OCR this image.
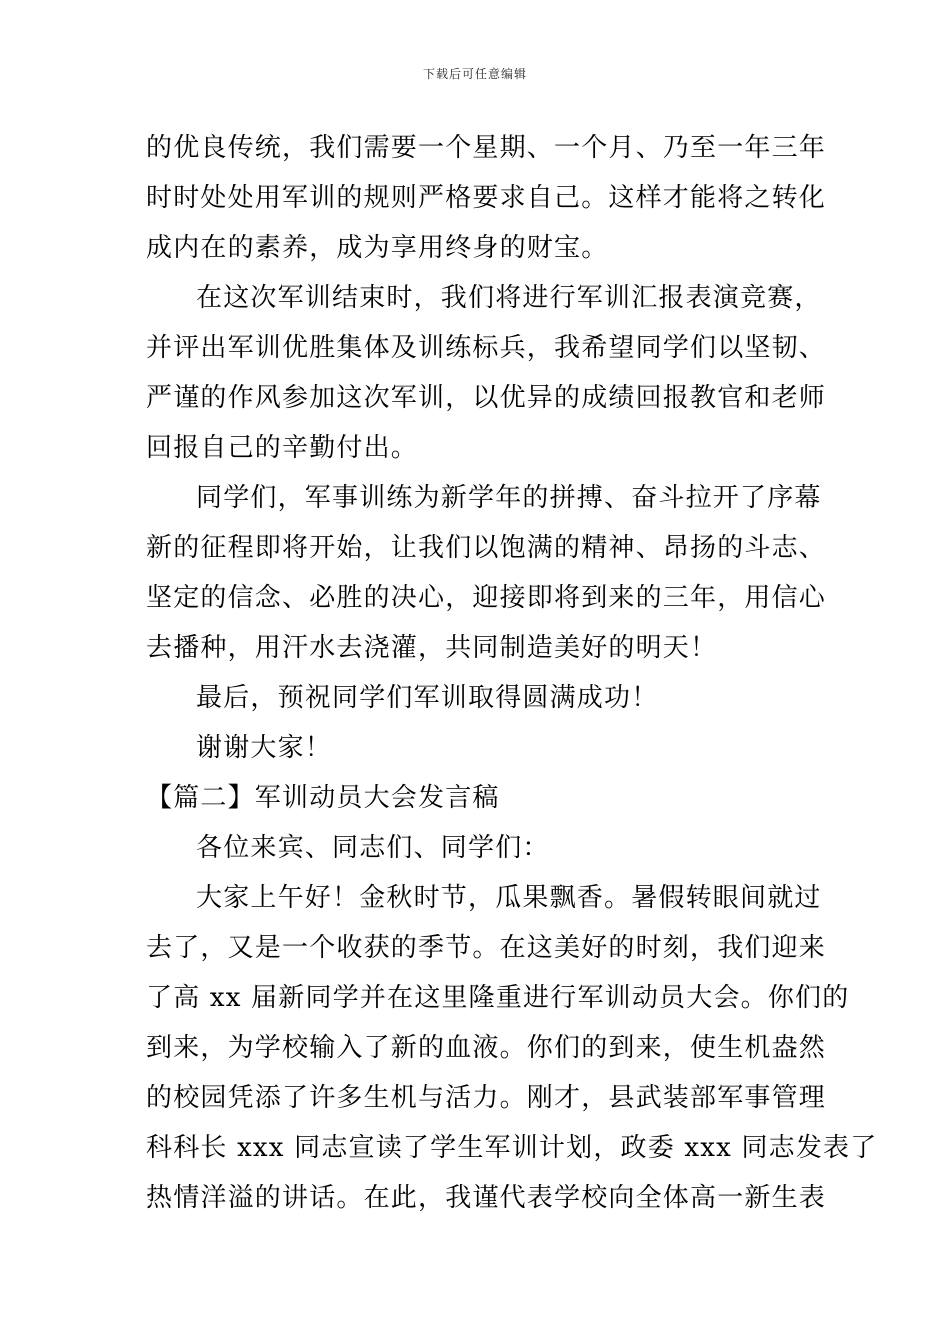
下载后可任意编辑
的优良传统，我们需要一个星期、一个月、乃至一年三年
时时处处用军训的规则严格要求自己。这样才能将之转化
成内在的素养，成为享用终身的财宝。
在这次军训结束时，我们将进行军训汇报表演竞赛，
并评出军训优胜集体及训练标兵，我希望同学们以坚韧、
严谨的作风参加这次军训，以优异的成绩回报教官和老师
回报自己的辛勤付出。
同学们，军事训练为新学年的拼搏、奋斗拉开了序幕
新的征程即将开始，让我们以饱满的精神、昂扬的斗志、
坚定的信念、必胜的决心，迎接即将到来的三年，用信心
去播种，用汗水去浇灌，共同制造美好的明天！
最后，预祝同学们军训取得圆满成功！
谢谢大家！
【篇二】军训动员大会发言稿
各位来宾、同志们、同学们：
大家上午好！金秋时节，瓜果飘香。暑假转眼间就过
去了，又是一个收获的季节。在这美好的时刻，我们迎来
了高 xx 届新同学并在这里隆重进行军训动员大会。你们的
到来，为学校输入了新的血液。你们的到来，使生机盎然
的校园凭添了许多生机与活力。刚才，县武装部军事管理
科科长 xxx 同志宣读了学生军训计划，政委 xxx 同志发表了
热情洋溢的讲话。在此，我谨代表学校向全体高一新生表
